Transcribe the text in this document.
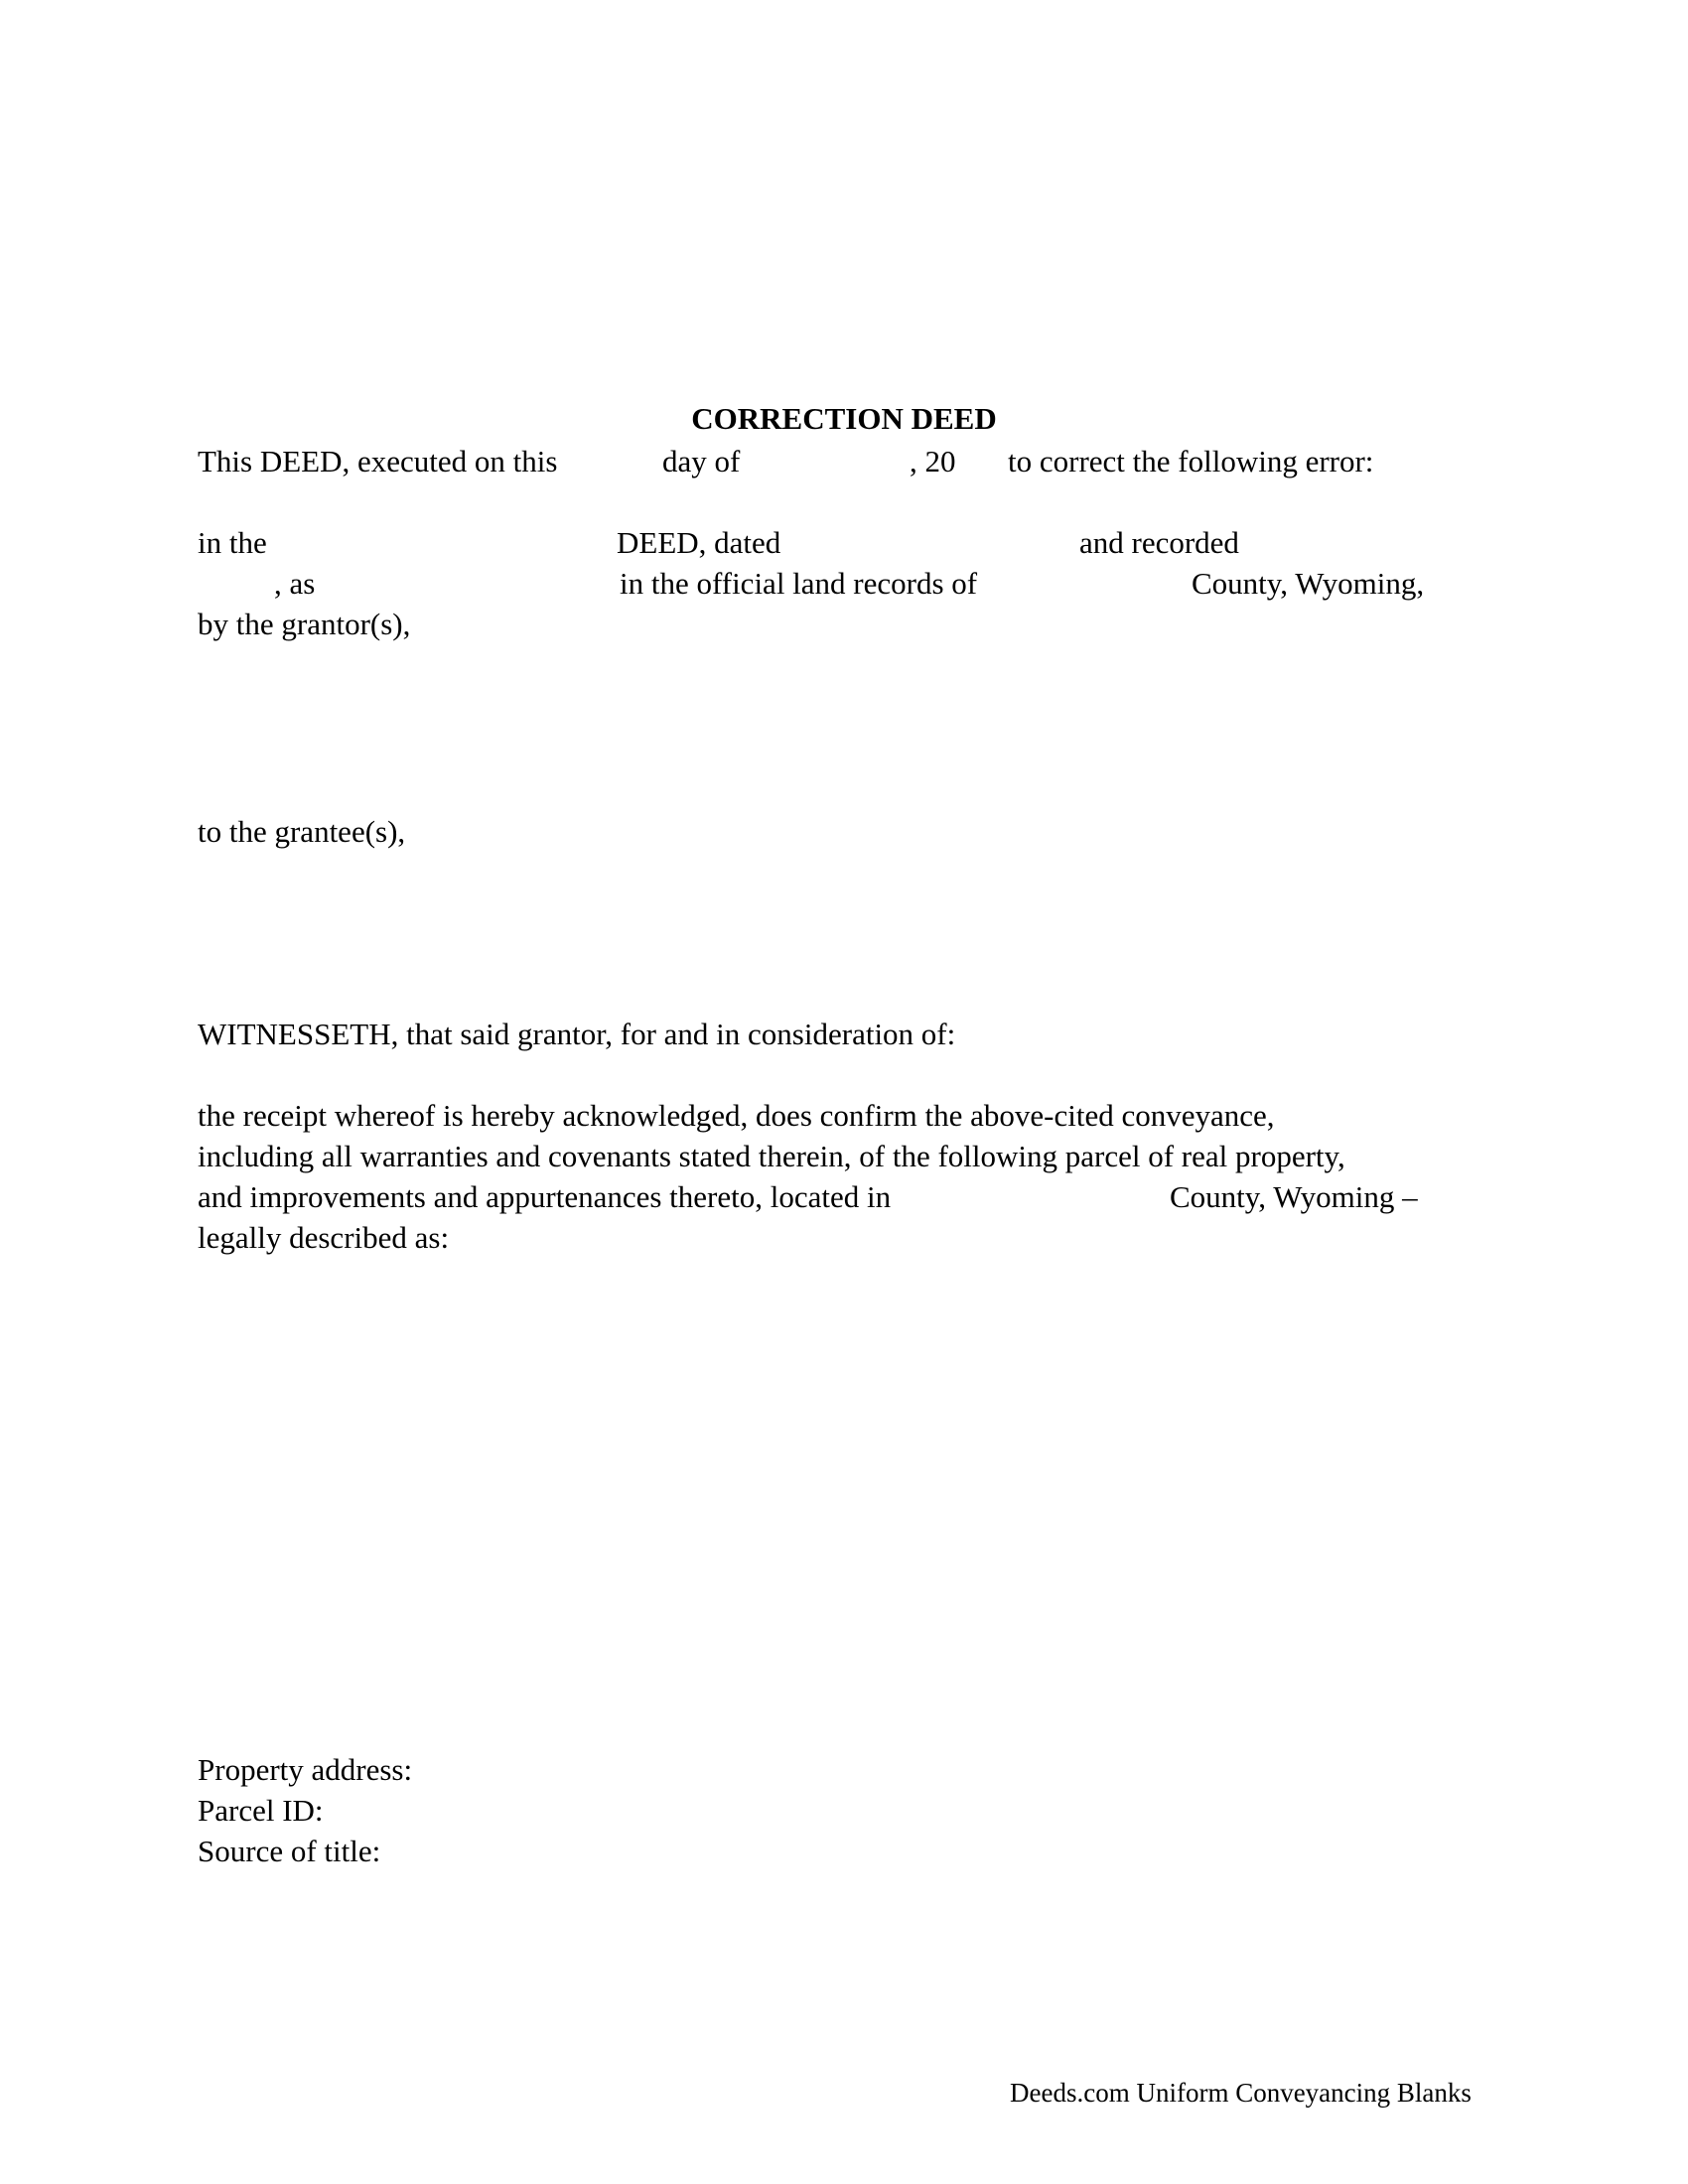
CORRECTION DEED
This DEED, executed on this	day of	, 20 to correct the following error:
in the	DEED, dated	and recorded
, as	in the official land records of	County, Wyoming,
by the grantor(s),
to the grantee(s),
WITNESSETH, that said grantor, for and in consideration of:
the receipt whereof is hereby acknowledged, does confirm the above-cited conveyance,
including all warranties and covenants stated therein, of the following parcel of real property,
and improvements and appurtenances thereto, located in	County, Wyoming –
legally described as:
Property address:
Parcel ID:
Source of title:
Deeds.com Uniform Conveyancing Blanks
